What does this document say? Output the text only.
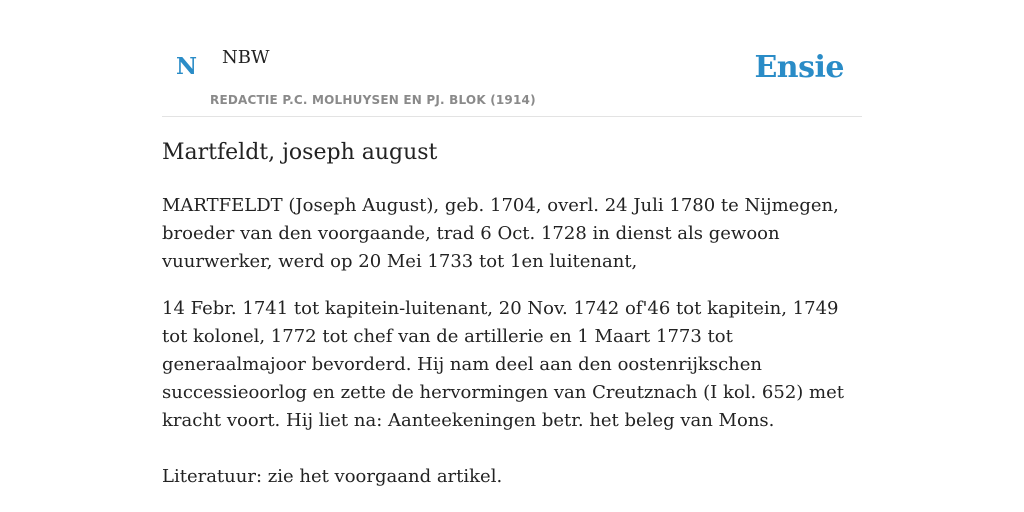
N NBW
REDACTIE P.C. MOLHUYSEN EN PJ. BLOK (1914)
Ensie
Martfeldt, joseph august

MARTFELDT (Joseph August), geb. 1704, overl. 24 Juli 1780 te Nijmegen, broeder van den voorgaande, trad 6 Oct. 1728 in dienst als gewoon vuurwerker, werd op 20 Mei 1733 tot 1en luitenant,

14 Febr. 1741 tot kapitein-luitenant, 20 Nov. 1742 of'46 tot kapitein, 1749 tot kolonel, 1772 tot chef van de artillerie en 1 Maart 1773 tot generaalmajoor bevorderd. Hij nam deel aan den oostenrijkschen successieoorlog en zette de hervormingen van Creutznach (I kol. 652) met kracht voort. Hij liet na: Aanteekeningen betr. het beleg van Mons.

Literatuur: zie het voorgaand artikel.
